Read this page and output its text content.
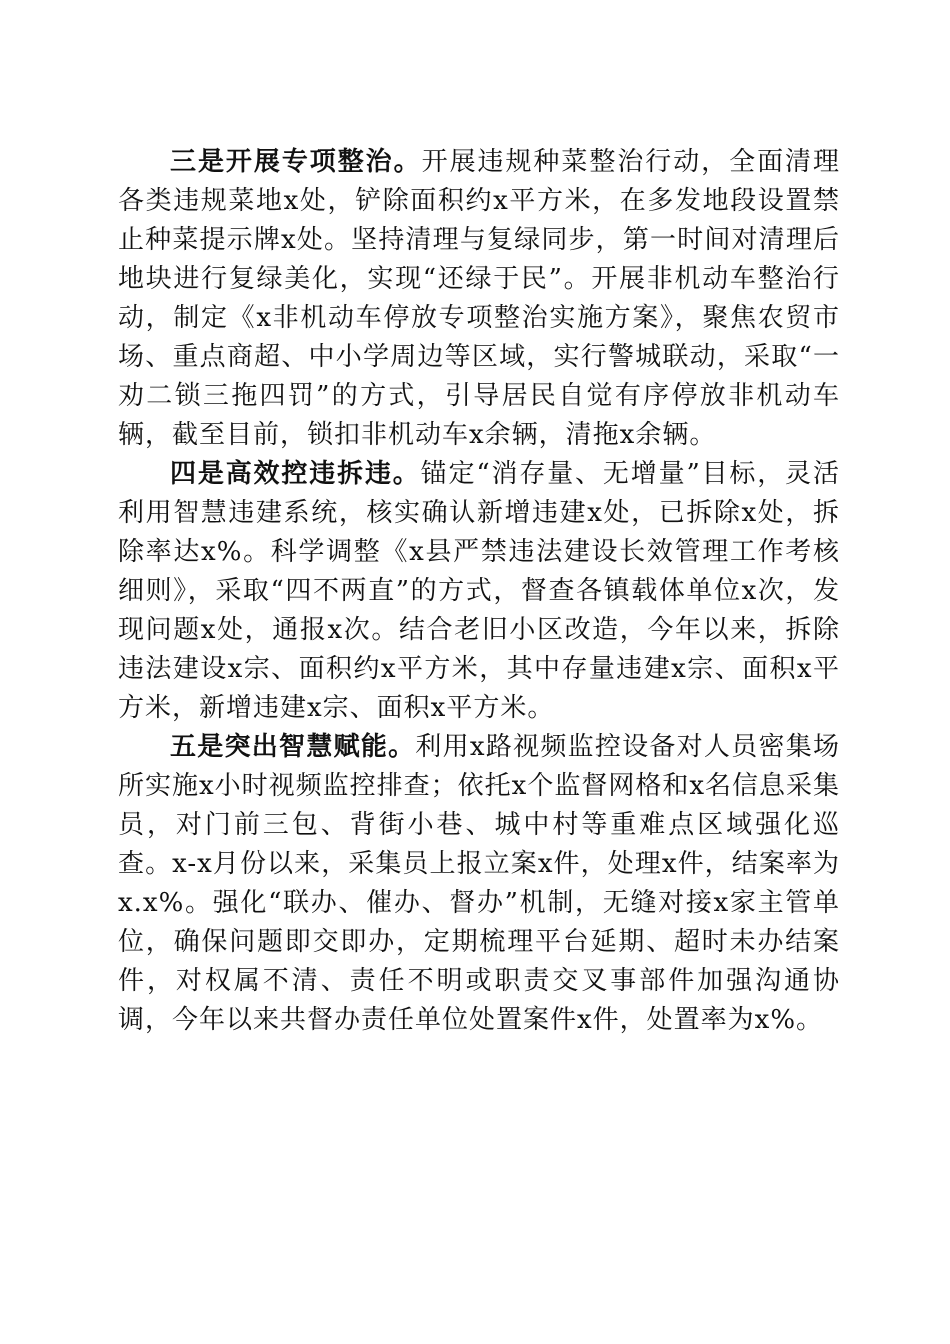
三是开展专项整治。开展违规种菜整治行动，全面清理各类违规菜地x处，铲除面积约x平方米，在多发地段设置禁止种菜提示牌x处。坚持清理与复绿同步，第一时间对清理后地块进行复绿美化，实现“还绿于民”。开展非机动车整治行动，制定《x非机动车停放专项整治实施方案》，聚焦农贸市场、重点商超、中小学周边等区域，实行警城联动，采取“一劝二锁三拖四罚”的方式，引导居民自觉有序停放非机动车辆，截至目前，锁扣非机动车x余辆，清拖x余辆。

四是高效控违拆违。锚定“消存量、无增量”目标，灵活利用智慧违建系统，核实确认新增违建x处，已拆除x处，拆除率达x%。科学调整《x县严禁违法建设长效管理工作考核细则》，采取“四不两直”的方式，督查各镇载体单位x次，发现问题x处，通报x次。结合老旧小区改造，今年以来，拆除违法建设x宗、面积约x平方米，其中存量违建x宗、面积x平方米，新增违建x宗、面积x平方米。

五是突出智慧赋能。利用x路视频监控设备对人员密集场所实施x小时视频监控排查；依托x个监督网格和x名信息采集员，对门前三包、背街小巷、城中村等重难点区域强化巡查。x-x月份以来，采集员上报立案x件，处理x件，结案率为x.x%。强化“联办、催办、督办”机制，无缝对接x家主管单位，确保问题即交即办，定期梳理平台延期、超时未办结案件，对权属不清、责任不明或职责交叉事部件加强沟通协调，今年以来共督办责任单位处置案件x件，处置率为x%。
